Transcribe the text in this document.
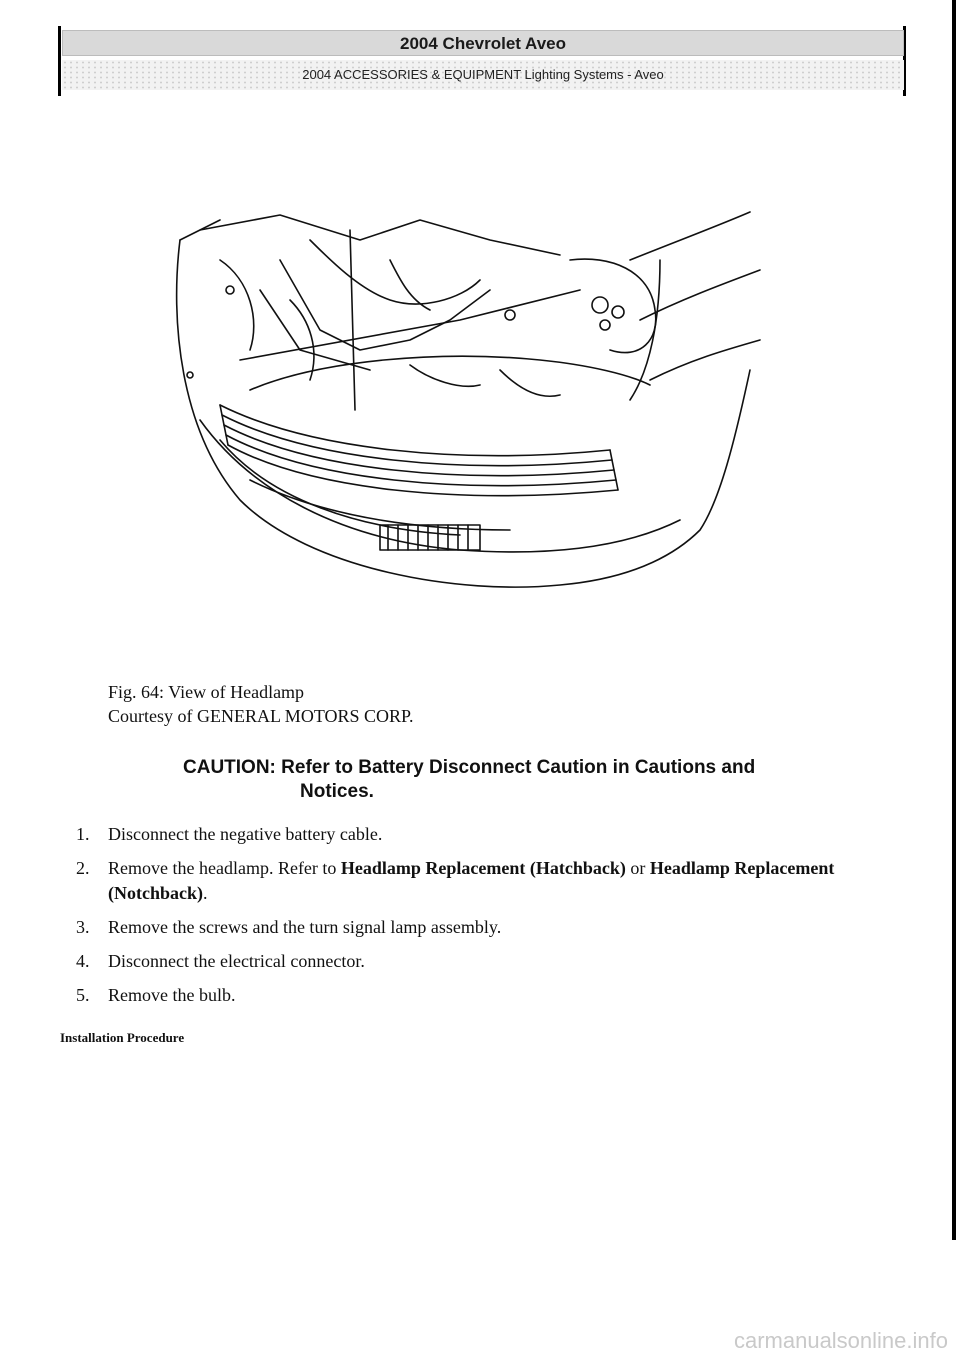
2004 Chevrolet Aveo
2004 ACCESSORIES & EQUIPMENT Lighting Systems - Aveo
Fig. 64: View of Headlamp
Courtesy of GENERAL MOTORS CORP.
CAUTION: Refer to Battery Disconnect Caution in Cautions and
Notices.
1. Disconnect the negative battery cable.
2. Remove the headlamp. Refer to Headlamp Replacement (Hatchback) or Headlamp Replacement (Notchback).
3. Remove the screws and the turn signal lamp assembly.
4. Disconnect the electrical connector.
5. Remove the bulb.
Installation Procedure
carmanualsonline.info
